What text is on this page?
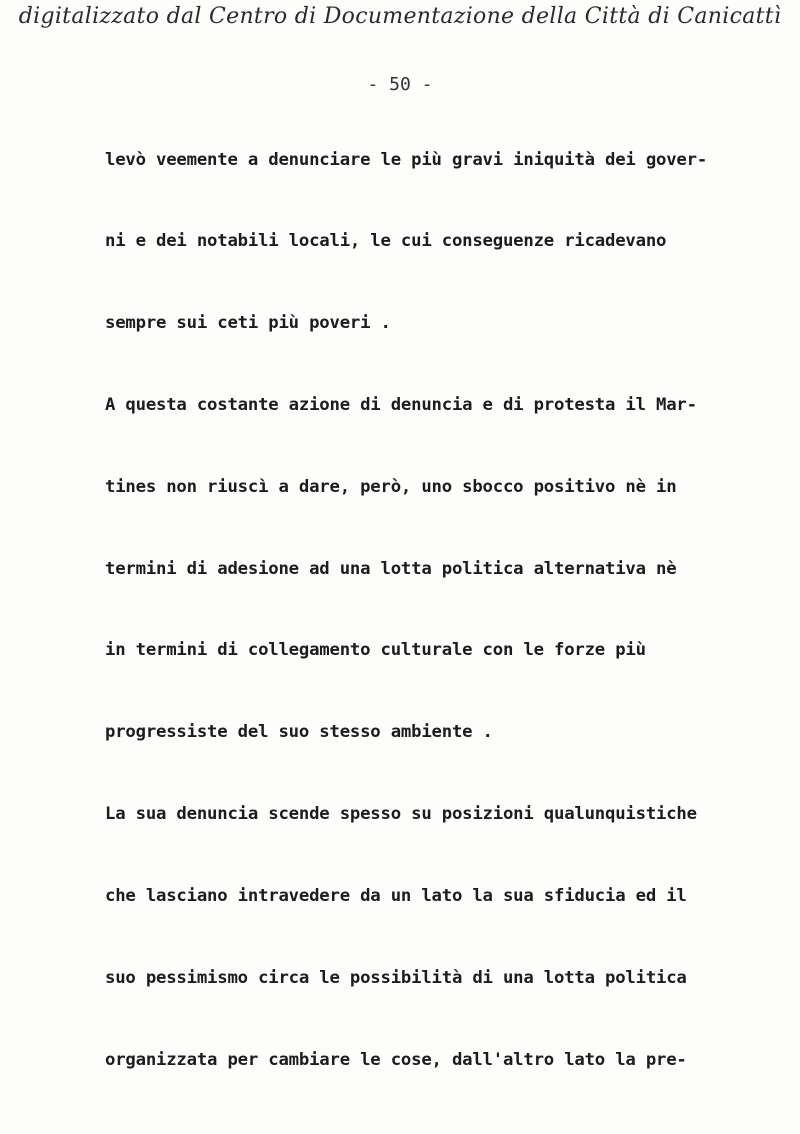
digitalizzato dal Centro di Documentazione della Città di Canicattì
- 50 -
levò veemente a denunciare le più gravi iniquità dei gover-
ni e dei notabili locali, le cui conseguenze ricadevano
sempre sui ceti più poveri .
A questa costante azione di denuncia e di protesta il Mar-
tines non riuscì a dare, però, uno sbocco positivo nè in
termini di adesione ad una lotta politica alternativa nè
in termini di collegamento culturale con le forze più
progressiste del suo stesso ambiente .
La sua denuncia scende spesso su posizioni qualunquistiche
che lasciano intravedere da un lato la sua sfiducia ed il
suo pessimismo circa le possibilità di una lotta politica
organizzata per cambiare le cose, dall'altro lato la pre-
